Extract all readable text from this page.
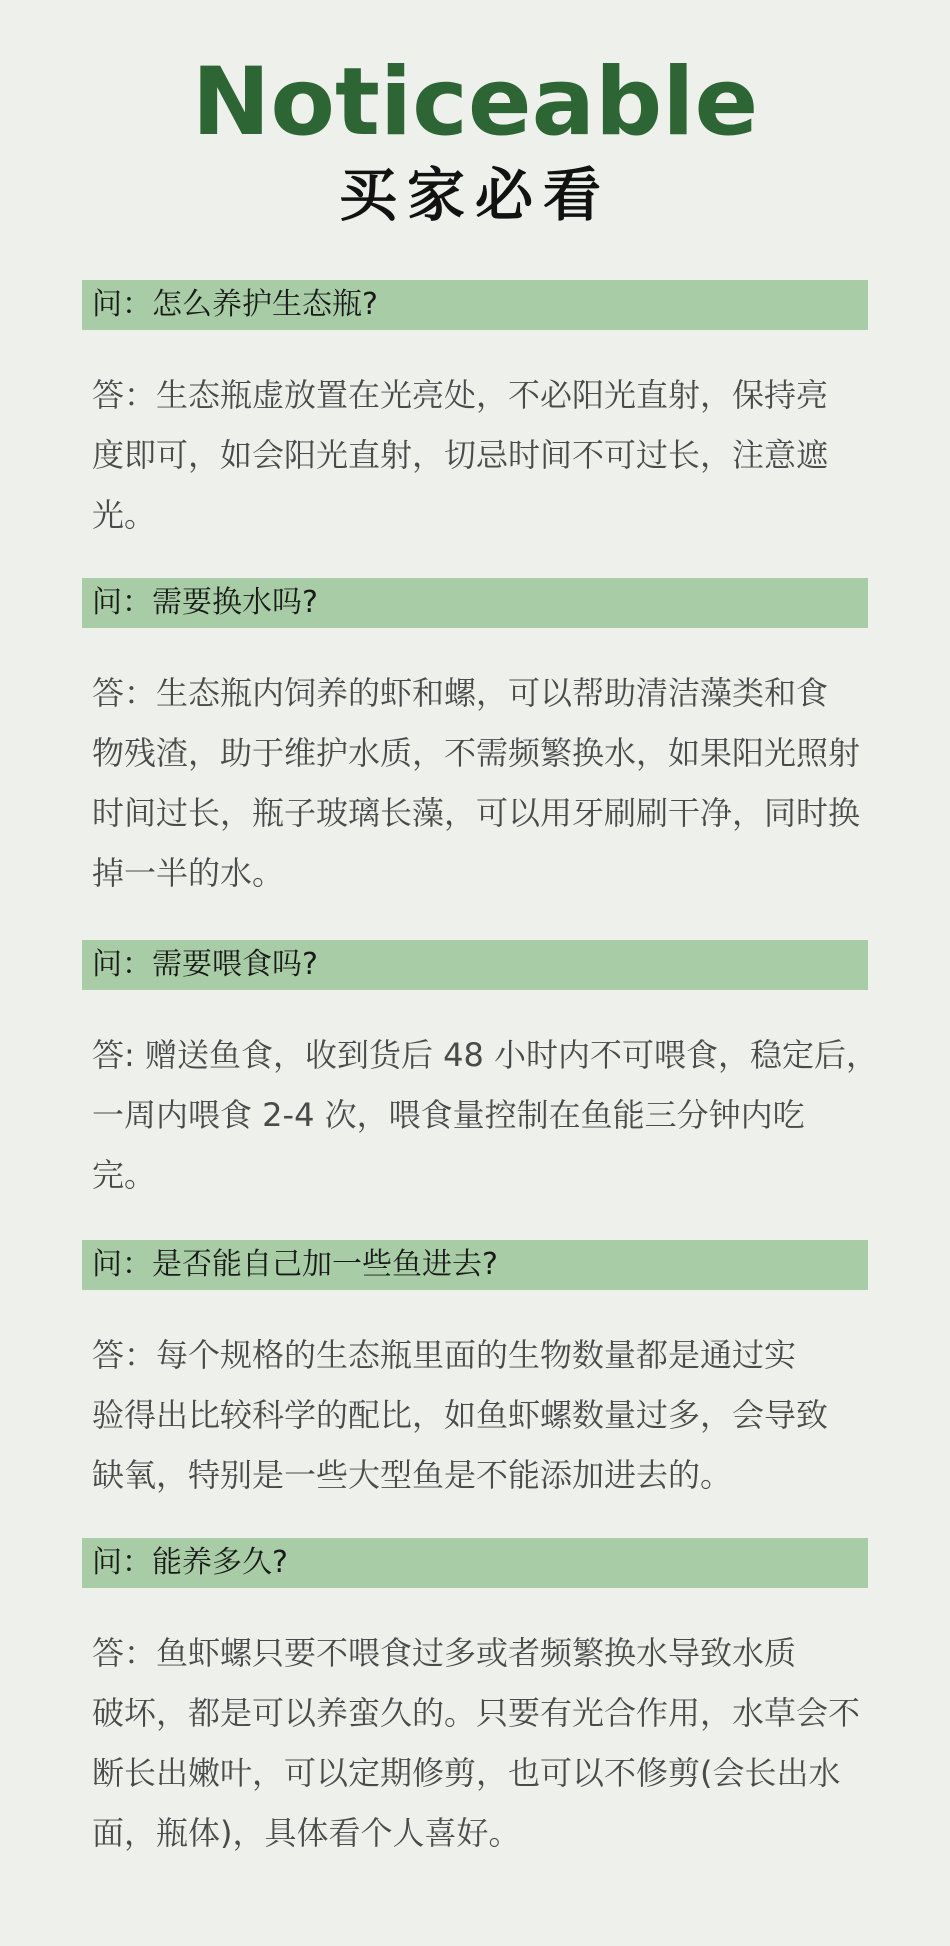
Noticeable
买家必看
问：怎么养护生态瓶?

答：生态瓶虚放置在光亮处，不必阳光直射，保持亮
度即可，如会阳光直射，切忌时间不可过长，注意遮
光。

问：需要换水吗?

答：生态瓶内饲养的虾和螺，可以帮助清洁藻类和食
物残渣，助于维护水质，不需频繁换水，如果阳光照射
时间过长，瓶子玻璃长藻，可以用牙刷刷干净，同时换
掉一半的水。

问：需要喂食吗?

答: 赠送鱼食，收到货后 48 小时内不可喂食，稳定后，
一周内喂食 2-4 次，喂食量控制在鱼能三分钟内吃
完。

问：是否能自己加一些鱼进去?

答：每个规格的生态瓶里面的生物数量都是通过实
验得出比较科学的配比，如鱼虾螺数量过多，会导致
缺氧，特别是一些大型鱼是不能添加进去的。

问：能养多久?

答：鱼虾螺只要不喂食过多或者频繁换水导致水质
破坏，都是可以养蛮久的。只要有光合作用，水草会不
断长出嫩叶，可以定期修剪，也可以不修剪(会长出水
面，瓶体)，具体看个人喜好。
